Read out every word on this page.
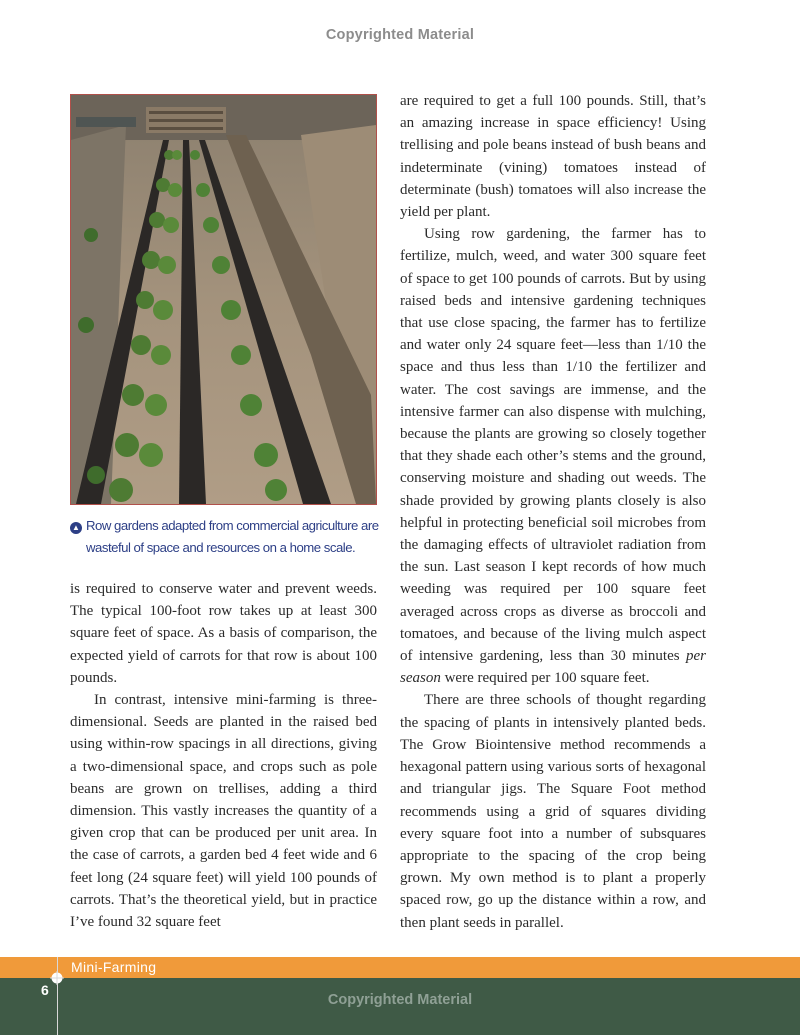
Copyrighted Material
▲ Row gardens adapted from commercial agriculture are
wasteful of space and resources on a home scale.

is required to conserve water and prevent weeds. The typical 100-foot row takes up at least 300 square feet of space. As a basis of comparison, the expected yield of carrots for that row is about 100 pounds.

In contrast, intensive mini-farming is three-dimensional. Seeds are planted in the raised bed using within-row spacings in all directions, giving a two-dimensional space, and crops such as pole beans are grown on trellises, adding a third dimension. This vastly increases the quantity of a given crop that can be produced per unit area. In the case of carrots, a garden bed 4 feet wide and 6 feet long (24 square feet) will yield 100 pounds of carrots. That’s the theoretical yield, but in practice I’ve found 32 square feet

are required to get a full 100 pounds. Still, that’s an amazing increase in space efficiency! Using trellising and pole beans instead of bush beans and indeterminate (vining) tomatoes instead of determinate (bush) tomatoes will also increase the yield per plant.

Using row gardening, the farmer has to fertilize, mulch, weed, and water 300 square feet of space to get 100 pounds of carrots. But by using raised beds and intensive gardening techniques that use close spacing, the farmer has to fertilize and water only 24 square feet—less than 1/10 the space and thus less than 1/10 the fertilizer and water. The cost savings are immense, and the intensive farmer can also dispense with mulching, because the plants are growing so closely together that they shade each other’s stems and the ground, conserving moisture and shading out weeds. The shade provided by growing plants closely is also helpful in protecting beneficial soil microbes from the damaging effects of ultraviolet radiation from the sun. Last season I kept records of how much weeding was required per 100 square feet averaged across crops as diverse as broccoli and tomatoes, and because of the living mulch aspect of intensive gardening, less than 30 minutes per season were required per 100 square feet.

There are three schools of thought regarding the spacing of plants in intensively planted beds. The Grow Biointensive method recommends a hexagonal pattern using various sorts of hexagonal and triangular jigs. The Square Foot method recommends using a grid of squares dividing every square foot into a number of subsquares appropriate to the spacing of the crop being grown. My own method is to plant a properly spaced row, go up the distance within a row, and then plant seeds in parallel.

Mini-Farming
6
Copyrighted Material
